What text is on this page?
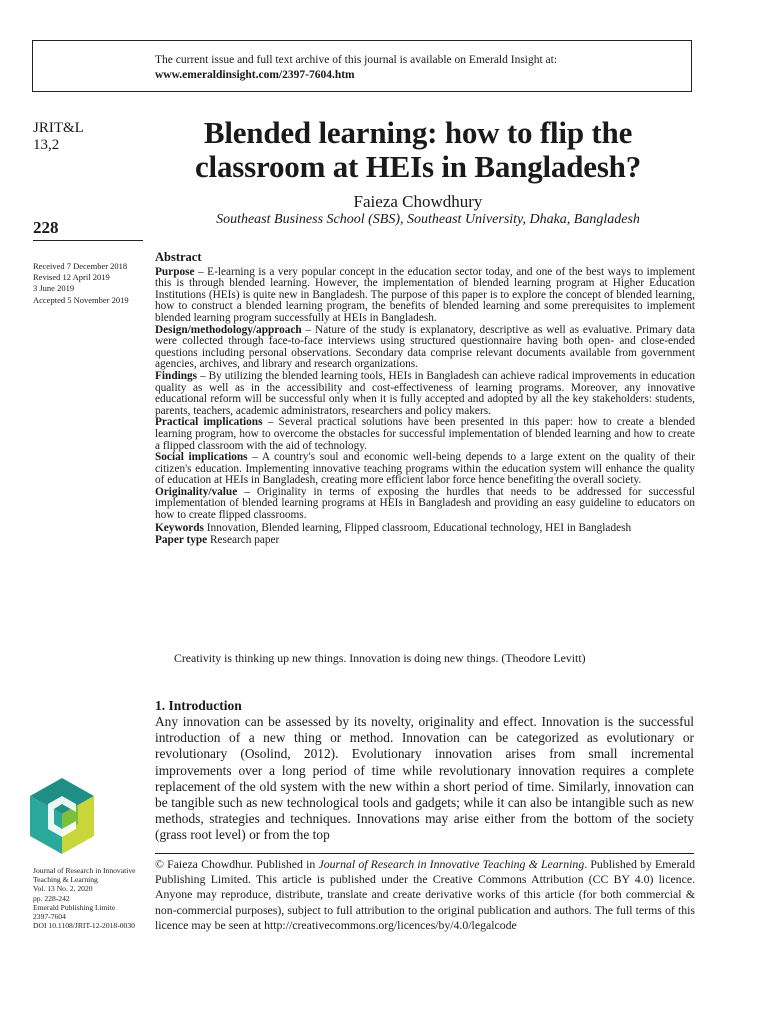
The current issue and full text archive of this journal is available on Emerald Insight at:
www.emeraldinsight.com/2397-7604.htm
JRIT&L
13,2
228
Received 7 December 2018
Revised 12 April 2019
3 June 2019
Accepted 5 November 2019
Blended learning: how to flip the
classroom at HEIs in Bangladesh?
Faieza Chowdhury
Southeast Business School (SBS), Southeast University, Dhaka, Bangladesh
Abstract

Purpose – E-learning is a very popular concept in the education sector today, and one of the best ways to implement this is through blended learning. However, the implementation of blended learning program at Higher Education Institutions (HEIs) is quite new in Bangladesh. The purpose of this paper is to explore the concept of blended learning, how to construct a blended learning program, the benefits of blended learning and some prerequisites to implement blended learning program successfully at HEIs in Bangladesh.

Design/methodology/approach – Nature of the study is explanatory, descriptive as well as evaluative. Primary data were collected through face-to-face interviews using structured questionnaire having both open- and close-ended questions including personal observations. Secondary data comprise relevant documents available from government agencies, archives, and library and research organizations.

Findings – By utilizing the blended learning tools, HEIs in Bangladesh can achieve radical improvements in education quality as well as in the accessibility and cost-effectiveness of learning programs. Moreover, any innovative educational reform will be successful only when it is fully accepted and adopted by all the key stakeholders: students, parents, teachers, academic administrators, researchers and policy makers.

Practical implications – Several practical solutions have been presented in this paper: how to create a blended learning program, how to overcome the obstacles for successful implementation of blended learning and how to create a flipped classroom with the aid of technology.

Social implications – A country's soul and economic well-being depends to a large extent on the quality of their citizen's education. Implementing innovative teaching programs within the education system will enhance the quality of education at HEIs in Bangladesh, creating more efficient labor force hence benefiting the overall society.

Originality/value – Originality in terms of exposing the hurdles that needs to be addressed for successful implementation of blended learning programs at HEIs in Bangladesh and providing an easy guideline to educators on how to create flipped classrooms.

Keywords Innovation, Blended learning, Flipped classroom, Educational technology, HEI in Bangladesh

Paper type Research paper

Creativity is thinking up new things. Innovation is doing new things. (Theodore Levitt)
1. Introduction
Any innovation can be assessed by its novelty, originality and effect. Innovation is the successful introduction of a new thing or method. Innovation can be categorized as evolutionary or revolutionary (Osolind, 2012). Evolutionary innovation arises from small incremental improvements over a long period of time while revolutionary innovation requires a complete replacement of the old system with the new within a short period of time. Similarly, innovation can be tangible such as new technological tools and gadgets; while it can also be intangible such as new methods, strategies and techniques. Innovations may arise either from the bottom of the society (grass root level) or from the top
Journal of Research in Innovative
Teaching & Learning
Vol. 13 No. 2, 2020
pp. 228-242
Emerald Publishing Limite
2397-7604
DOI 10.1108/JRIT-12-2018-0030
© Faieza Chowdhur. Published in Journal of Research in Innovative Teaching & Learning. Published by Emerald Publishing Limited. This article is published under the Creative Commons Attribution (CC BY 4.0) licence. Anyone may reproduce, distribute, translate and create derivative works of this article (for both commercial & non-commercial purposes), subject to full attribution to the original publication and authors. The full terms of this licence may be seen at http://creativecommons.org/licences/by/4.0/legalcode
